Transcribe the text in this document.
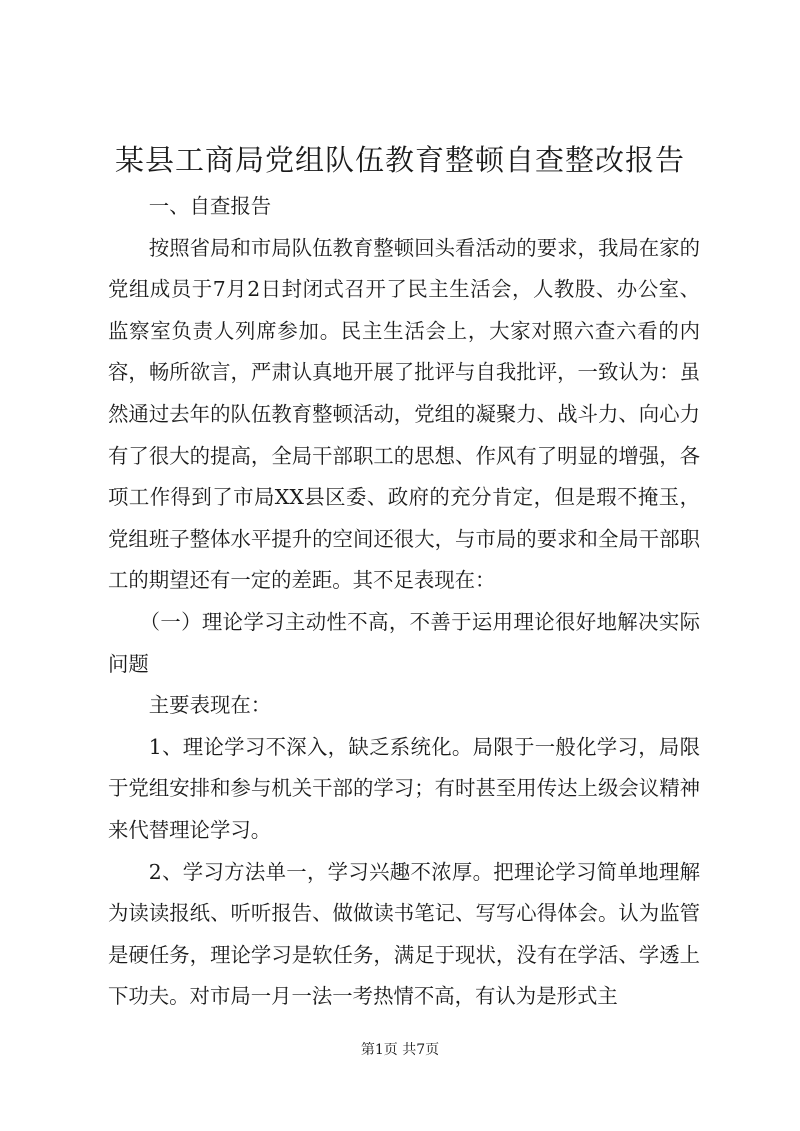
某县工商局党组队伍教育整顿自查整改报告

一、自查报告

按照省局和市局队伍教育整顿回头看活动的要求，我局在家的党组成员于7月2日封闭式召开了民主生活会，人教股、办公室、监察室负责人列席参加。民主生活会上，大家对照六查六看的内容，畅所欲言，严肃认真地开展了批评与自我批评，一致认为：虽然通过去年的队伍教育整顿活动，党组的凝聚力、战斗力、向心力有了很大的提高，全局干部职工的思想、作风有了明显的增强，各项工作得到了市局XX县区委、政府的充分肯定，但是瑕不掩玉，党组班子整体水平提升的空间还很大，与市局的要求和全局干部职工的期望还有一定的差距。其不足表现在：

（一）理论学习主动性不高，不善于运用理论很好地解决实际问题

主要表现在：

1、理论学习不深入，缺乏系统化。局限于一般化学习，局限于党组安排和参与机关干部的学习；有时甚至用传达上级会议精神来代替理论学习。

2、学习方法单一，学习兴趣不浓厚。把理论学习简单地理解为读读报纸、听听报告、做做读书笔记、写写心得体会。认为监管是硬任务，理论学习是软任务，满足于现状，没有在学活、学透上下功夫。对市局一月一法一考热情不高，有认为是形式主

第1页 共7页
